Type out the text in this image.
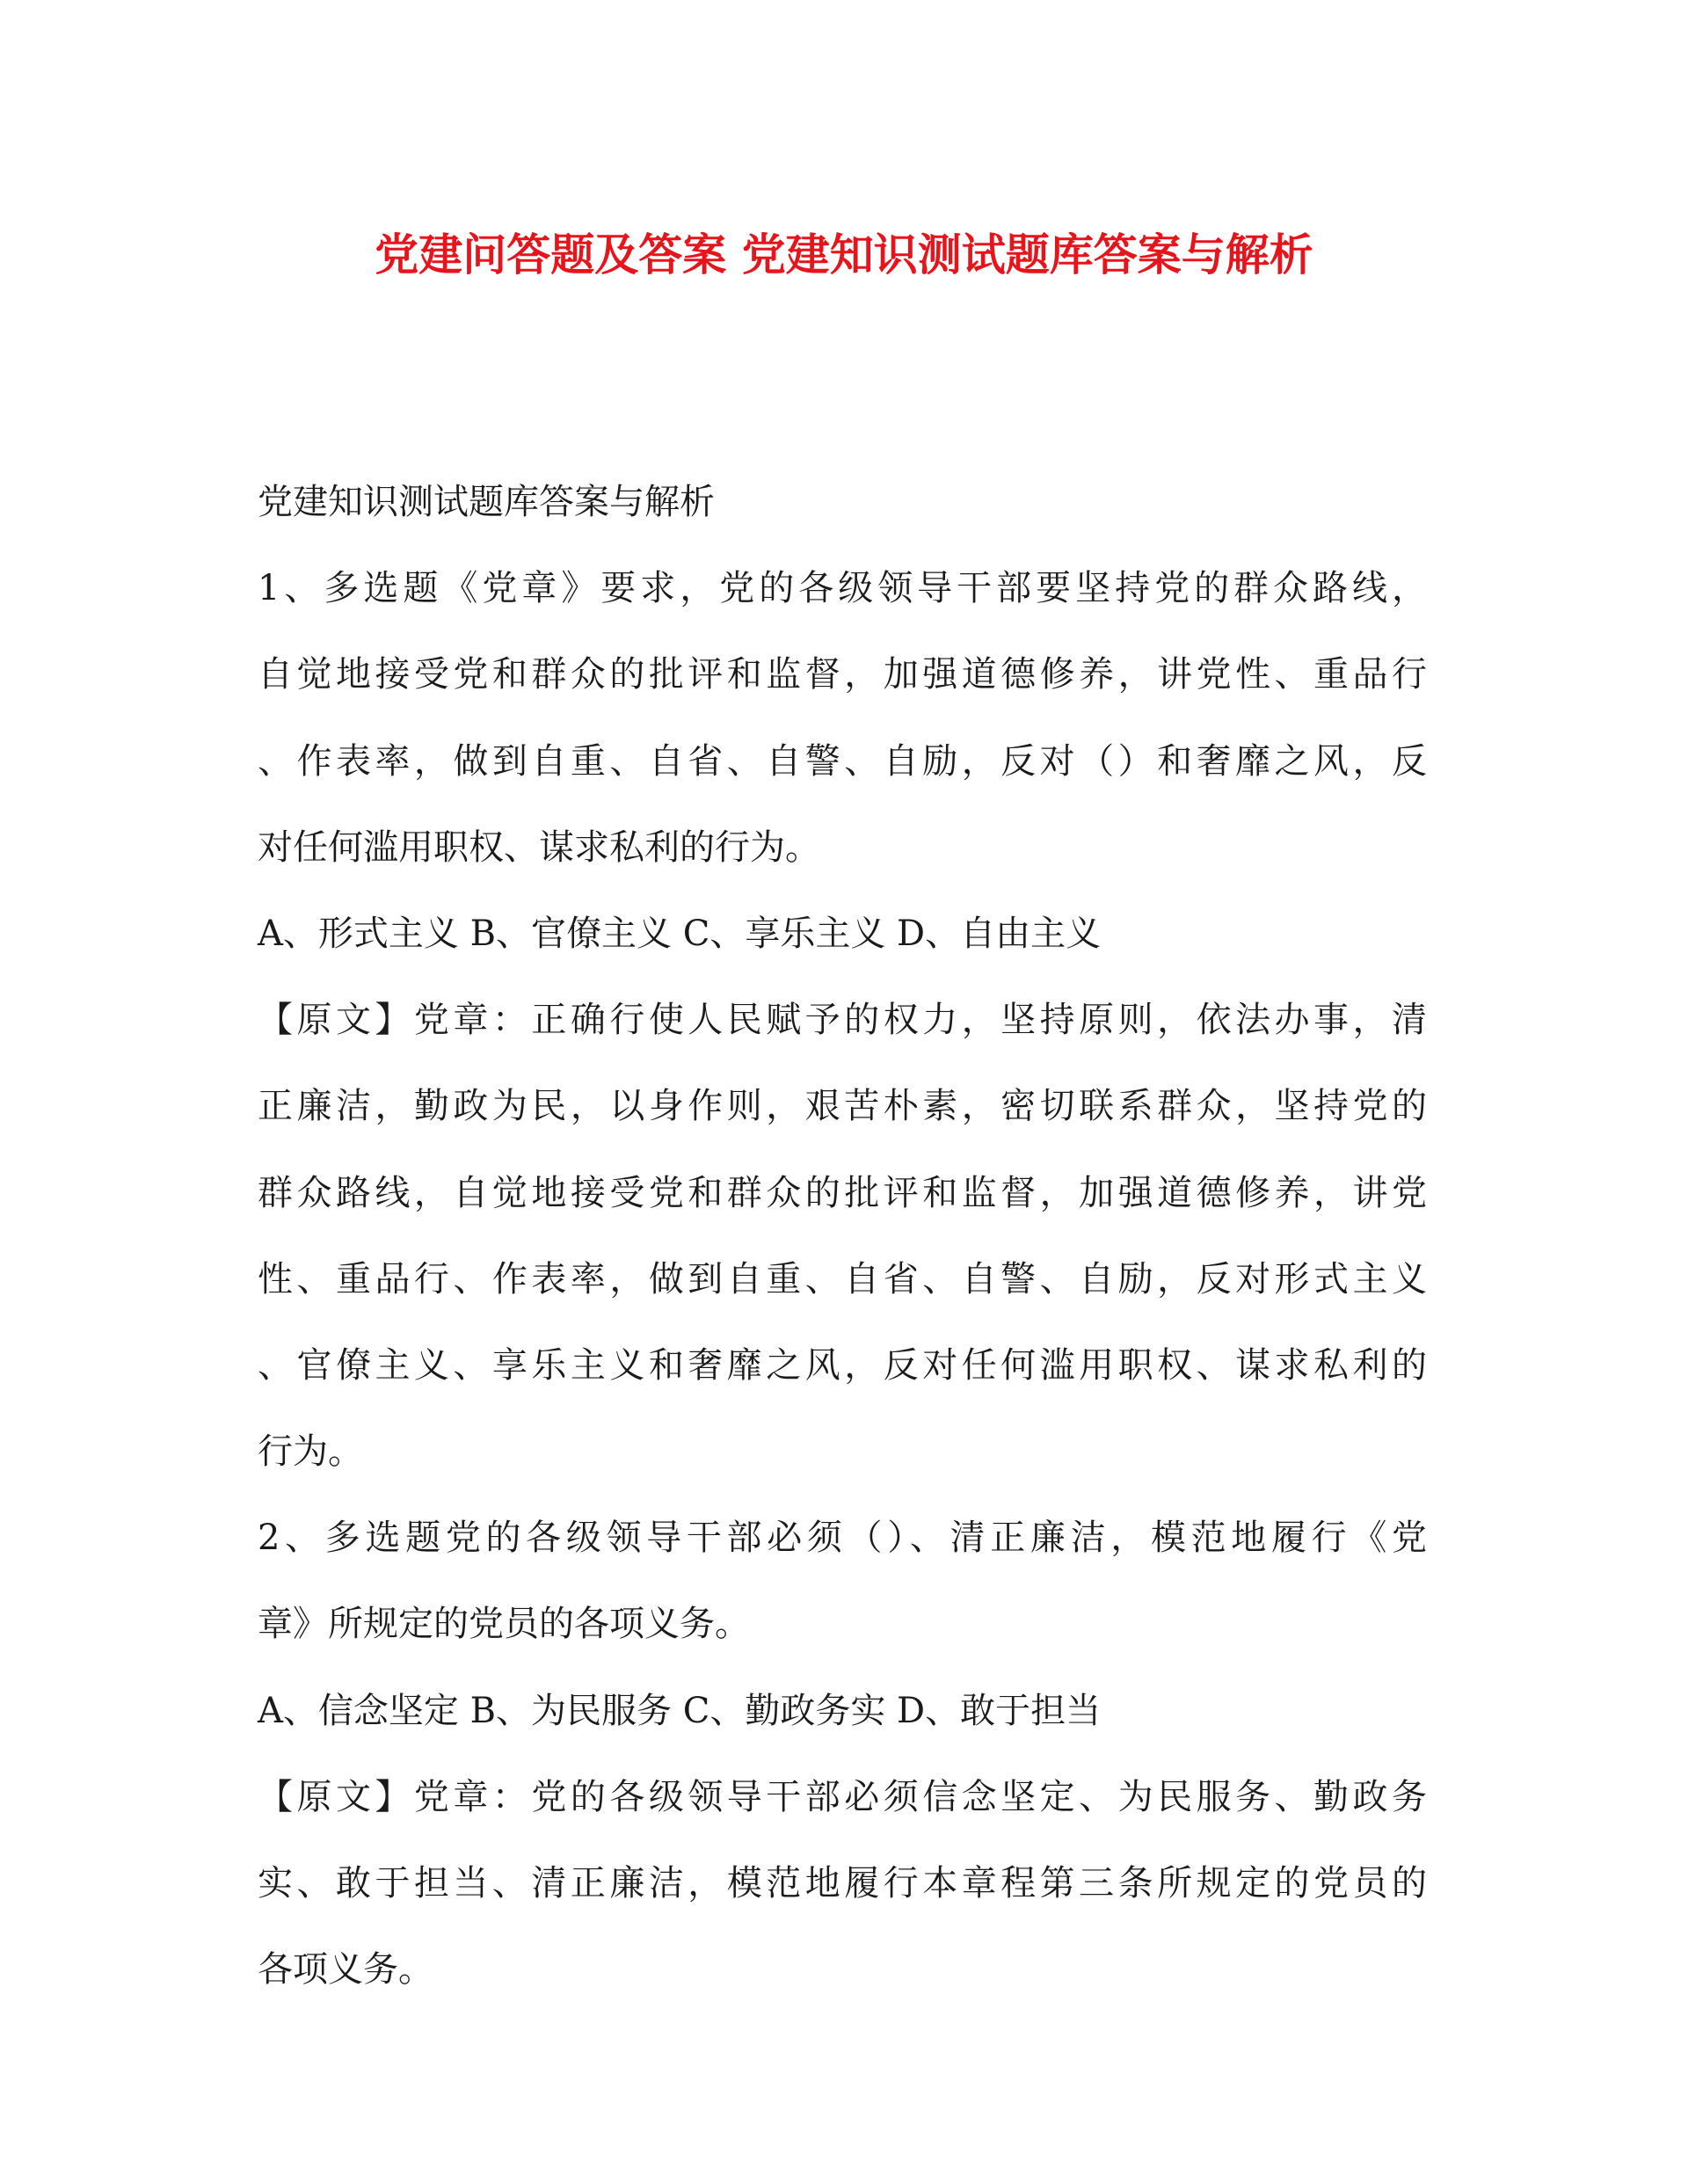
党建问答题及答案 党建知识测试题库答案与解析
党建知识测试题库答案与解析
1、多选题《党章》要求，党的各级领导干部要坚持党的群众路线，
自觉地接受党和群众的批评和监督，加强道德修养，讲党性、重品行
、作表率，做到自重、自省、自警、自励，反对（）和奢靡之风，反
对任何滥用职权、谋求私利的行为。
A、形式主义 B、官僚主义 C、享乐主义 D、自由主义
【原文】党章：正确行使人民赋予的权力，坚持原则，依法办事，清
正廉洁，勤政为民，以身作则，艰苦朴素，密切联系群众，坚持党的
群众路线，自觉地接受党和群众的批评和监督，加强道德修养，讲党
性、重品行、作表率，做到自重、自省、自警、自励，反对形式主义
、官僚主义、享乐主义和奢靡之风，反对任何滥用职权、谋求私利的
行为。
2、多选题党的各级领导干部必须（）、清正廉洁，模范地履行《党
章》所规定的党员的各项义务。
A、信念坚定 B、为民服务 C、勤政务实 D、敢于担当
【原文】党章：党的各级领导干部必须信念坚定、为民服务、勤政务
实、敢于担当、清正廉洁，模范地履行本章程第三条所规定的党员的
各项义务。
